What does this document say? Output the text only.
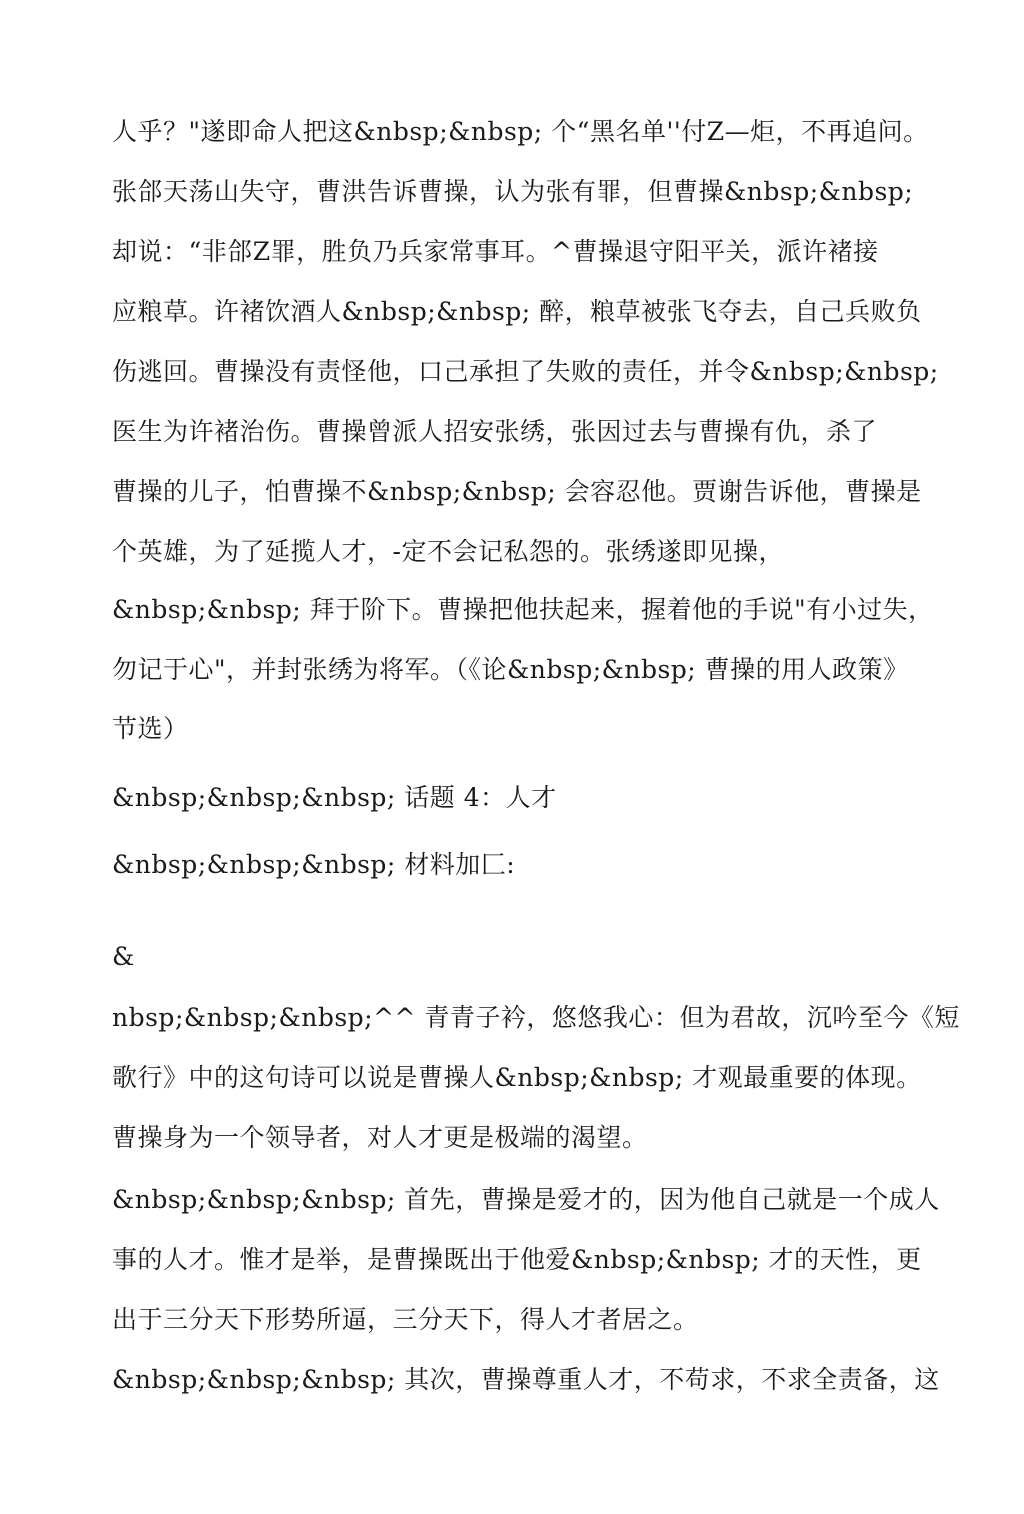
人乎？"遂即命人把这&nbsp;&nbsp; 个“黑名单''付Z—炬，不再追问。
张郃天荡山失守，曹洪告诉曹操，认为张有罪，但曹操&nbsp;&nbsp;
却说：“非郃Z罪，胜负乃兵家常事耳。^曹操退守阳平关，派许褚接
应粮草。许褚饮酒人&nbsp;&nbsp; 醉，粮草被张飞夺去，自己兵败负
伤逃回。曹操没有责怪他，口己承担了失败的责任，并令&nbsp;&nbsp;
医生为许褚治伤。曹操曾派人招安张绣，张因过去与曹操有仇，杀了
曹操的儿子，怕曹操不&nbsp;&nbsp; 会容忍他。贾谢告诉他，曹操是
个英雄，为了延揽人才，-定不会记私怨的。张绣遂即见操，
&nbsp;&nbsp; 拜于阶下。曹操把他扶起来，握着他的手说"有小过失，
勿记于心"，并封张绣为将军。（《论&nbsp;&nbsp; 曹操的用人政策》
节选）
&nbsp;&nbsp;&nbsp; 话题 4：人才
&nbsp;&nbsp;&nbsp; 材料加匚:
&
nbsp;&nbsp;&nbsp;^^ 青青子衿，悠悠我心：但为君故，沉吟至今《短
歌行》中的这句诗可以说是曹操人&nbsp;&nbsp; 才观最重要的体现。
曹操身为一个领导者，对人才更是极端的渴望。
&nbsp;&nbsp;&nbsp; 首先，曹操是爱才的，因为他自己就是一个成人
事的人才。惟才是举，是曹操既出于他爱&nbsp;&nbsp; 才的天性，更
出于三分天下形势所逼，三分天下，得人才者居之。
&nbsp;&nbsp;&nbsp; 其次，曹操尊重人才，不苟求，不求全责备，这
